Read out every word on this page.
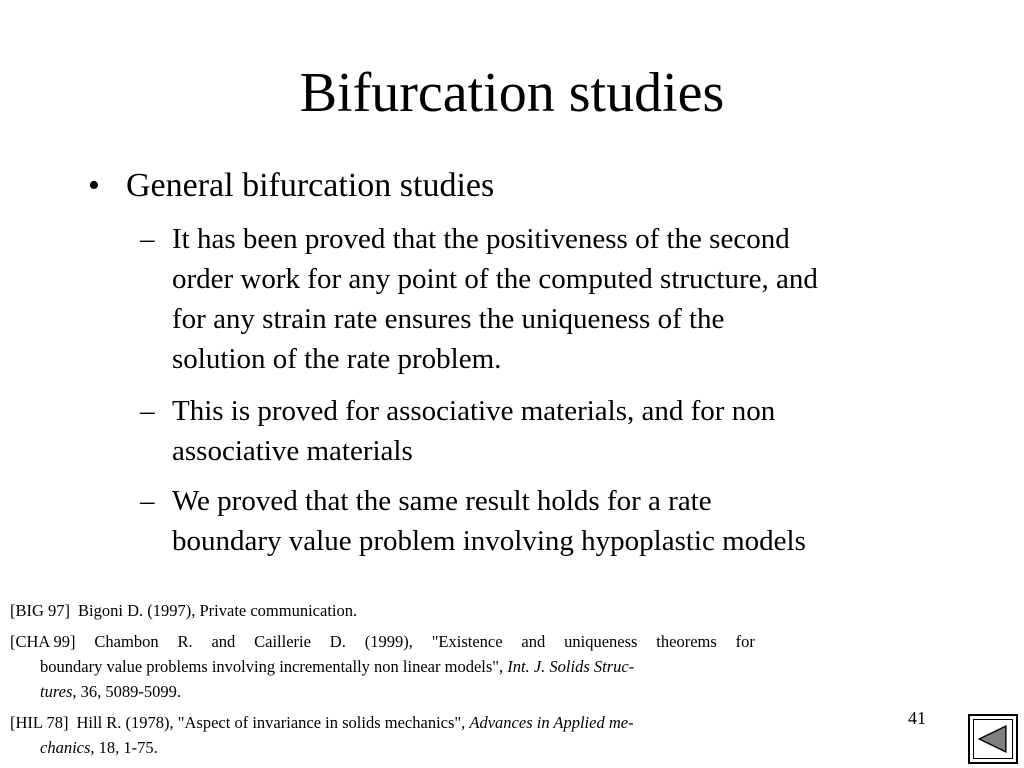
Bifurcation studies
• General bifurcation studies
– It has been proved that the positiveness of the second
order work for any point of the computed structure, and
for any strain rate ensures the uniqueness of the
solution of the rate problem.
– This is proved for associative materials, and for non
associative materials
– We proved that the same result holds for a rate
boundary value problem involving hypoplastic models
[BIG 97] Bigoni D. (1997), Private communication.
[CHA 99] Chambon R. and Caillerie D. (1999), "Existence and uniqueness theorems for
boundary value problems involving incrementally non linear models", Int. J. Solids Struc-
tures, 36, 5089-5099.
[HIL 78] Hill R. (1978), "Aspect of invariance in solids mechanics", Advances in Applied me-
chanics, 18, 1-75.
41
